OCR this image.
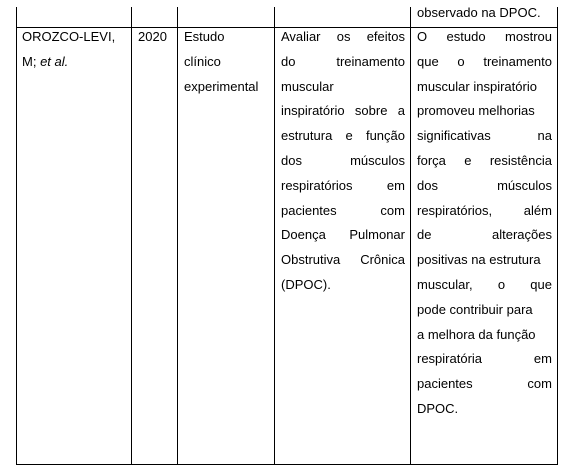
observado na DPOC.
OROZCO-LEVI,
M; et al.
2020	Estudo
clínico
experimental
Avaliar os efeitos
do treinamento
muscular
inspiratório sobre a
estrutura e função
dos músculos
respiratórios em
pacientes com
Doença Pulmonar
Obstrutiva Crônica
(DPOC).
O estudo mostrou
que o treinamento
muscular inspiratório
promoveu melhorias
significativas na
força e resistência
dos músculos
respiratórios, além
de alterações
positivas na estrutura
muscular, o que
pode contribuir para
a melhora da função
respiratória em
pacientes com
DPOC.
